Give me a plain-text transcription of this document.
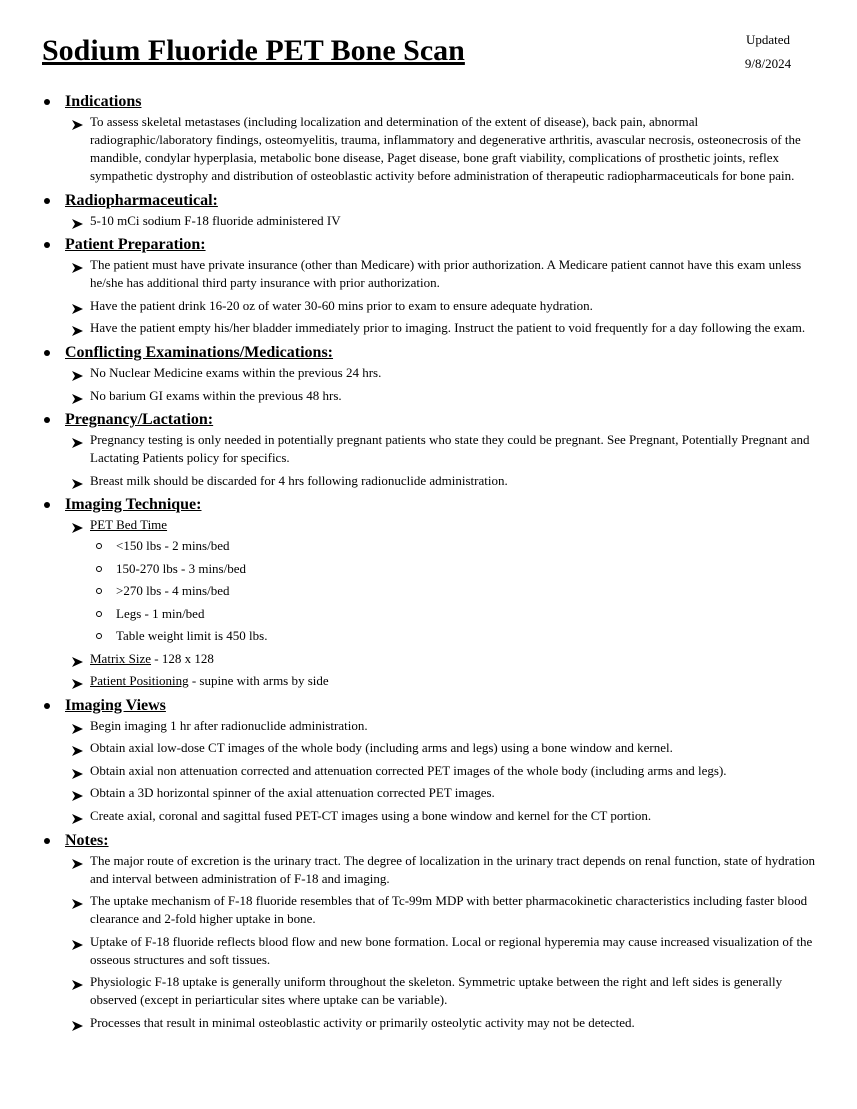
Sodium Fluoride PET Bone Scan	Updated
9/8/2024
Indications
To assess skeletal metastases (including localization and determination of the extent of disease), back pain, abnormal radiographic/laboratory findings, osteomyelitis, trauma, inflammatory and degenerative arthritis, avascular necrosis, osteonecrosis of the mandible, condylar hyperplasia, metabolic bone disease, Paget disease, bone graft viability, complications of prosthetic joints, reflex sympathetic dystrophy and distribution of osteoblastic activity before administration of therapeutic radiopharmaceuticals for bone pain.
Radiopharmaceutical:
5-10 mCi sodium F-18 fluoride administered IV
Patient Preparation:
The patient must have private insurance (other than Medicare) with prior authorization. A Medicare patient cannot have this exam unless he/she has additional third party insurance with prior authorization.
Have the patient drink 16-20 oz of water 30-60 mins prior to exam to ensure adequate hydration.
Have the patient empty his/her bladder immediately prior to imaging. Instruct the patient to void frequently for a day following the exam.
Conflicting Examinations/Medications:
No Nuclear Medicine exams within the previous 24 hrs.
No barium GI exams within the previous 48 hrs.
Pregnancy/Lactation:
Pregnancy testing is only needed in potentially pregnant patients who state they could be pregnant. See Pregnant, Potentially Pregnant and Lactating Patients policy for specifics.
Breast milk should be discarded for 4 hrs following radionuclide administration.
Imaging Technique:
PET Bed Time
<150 lbs - 2 mins/bed
150-270 lbs - 3 mins/bed
>270 lbs - 4 mins/bed
Legs - 1 min/bed
Table weight limit is 450 lbs.
Matrix Size - 128 x 128
Patient Positioning - supine with arms by side
Imaging Views
Begin imaging 1 hr after radionuclide administration.
Obtain axial low-dose CT images of the whole body (including arms and legs) using a bone window and kernel.
Obtain axial non attenuation corrected and attenuation corrected PET images of the whole body (including arms and legs).
Obtain a 3D horizontal spinner of the axial attenuation corrected PET images.
Create axial, coronal and sagittal fused PET-CT images using a bone window and kernel for the CT portion.
Notes:
The major route of excretion is the urinary tract. The degree of localization in the urinary tract depends on renal function, state of hydration and interval between administration of F-18 and imaging.
The uptake mechanism of F-18 fluoride resembles that of Tc-99m MDP with better pharmacokinetic characteristics including faster blood clearance and 2-fold higher uptake in bone.
Uptake of F-18 fluoride reflects blood flow and new bone formation. Local or regional hyperemia may cause increased visualization of the osseous structures and soft tissues.
Physiologic F-18 uptake is generally uniform throughout the skeleton. Symmetric uptake between the right and left sides is generally observed (except in periarticular sites where uptake can be variable).
Processes that result in minimal osteoblastic activity or primarily osteolytic activity may not be detected.
